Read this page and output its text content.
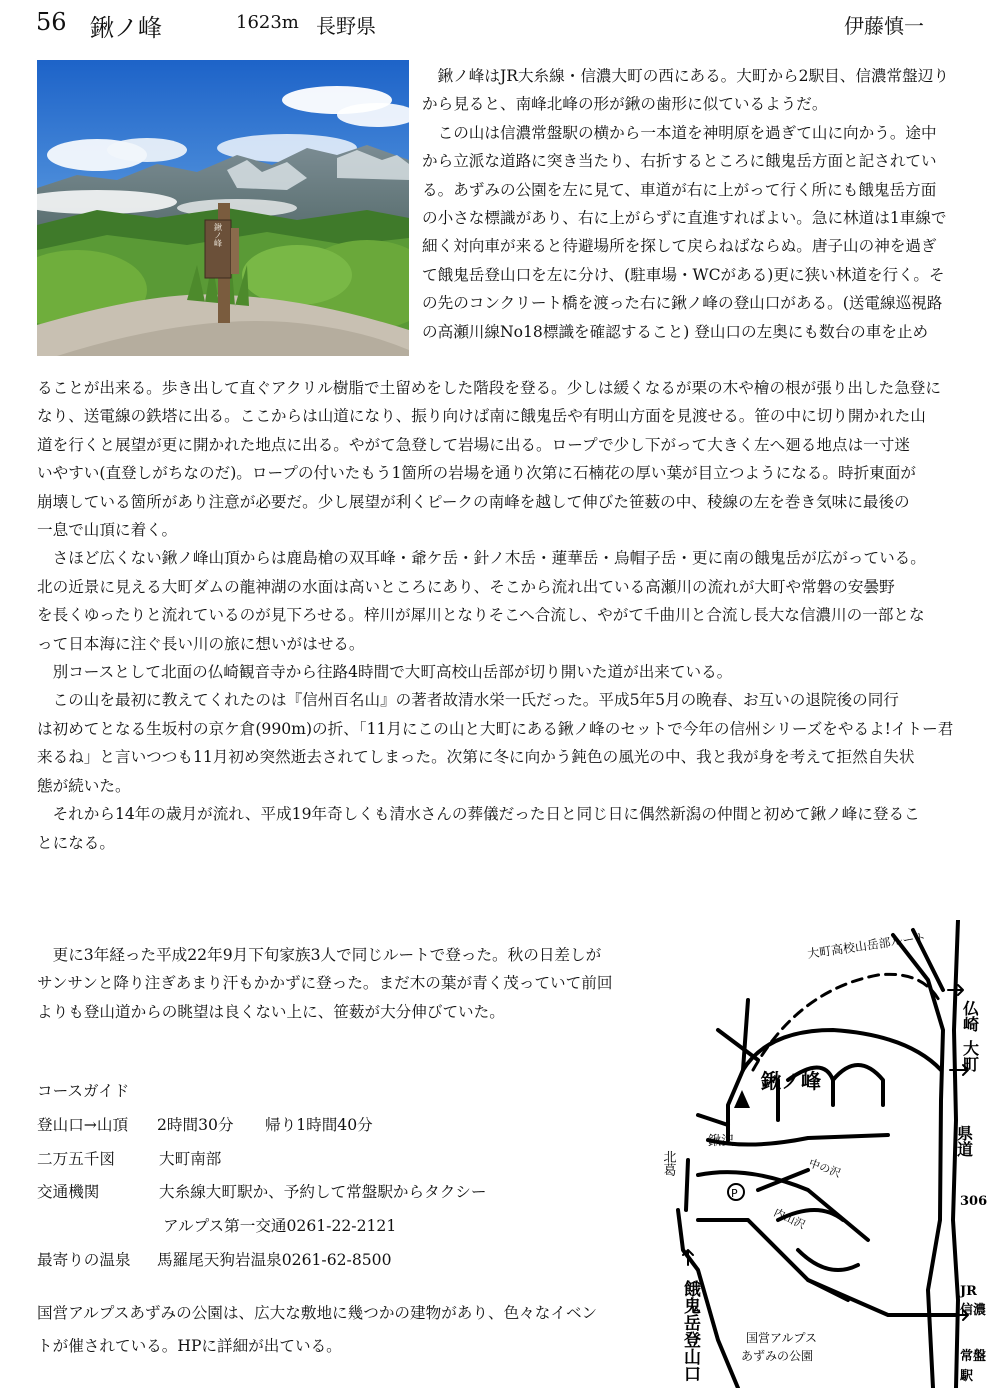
56 鍬ノ峰	1623m 長野県	伊藤慎一
鍬ノ峰

鍬ノ峰はJR大糸線・信濃大町の西にある。大町から2駅目、信濃常盤辺り

から見ると、南峰北峰の形が鍬の歯形に似ているようだ。

この山は信濃常盤駅の横から一本道を神明原を過ぎて山に向かう。途中

から立派な道路に突き当たり、右折するところに餓鬼岳方面と記されてい

る。あずみの公園を左に見て、車道が右に上がって行く所にも餓鬼岳方面

の小さな標識があり、右に上がらずに直進すればよい。急に林道は1車線で

細く対向車が来ると待避場所を探して戻らねばならぬ。唐子山の神を過ぎ

て餓鬼岳登山口を左に分け、(駐車場・WCがある)更に狭い林道を行く。そ

の先のコンクリート橋を渡った右に鍬ノ峰の登山口がある。(送電線巡視路

の高瀬川線No18標識を確認すること) 登山口の左奥にも数台の車を止め

ることが出来る。歩き出して直ぐアクリル樹脂で土留めをした階段を登る。少しは緩くなるが栗の木や檜の根が張り出した急登に

なり、送電線の鉄塔に出る。ここからは山道になり、振り向けば南に餓鬼岳や有明山方面を見渡せる。笹の中に切り開かれた山

道を行くと展望が更に開かれた地点に出る。やがて急登して岩場に出る。ロープで少し下がって大きく左へ廻る地点は一寸迷

いやすい(直登しがちなのだ)。ロープの付いたもう1箇所の岩場を通り次第に石楠花の厚い葉が目立つようになる。時折東面が

崩壊している箇所があり注意が必要だ。少し展望が利くピークの南峰を越して伸びた笹薮の中、稜線の左を巻き気味に最後の

一息で山頂に着く。

さほど広くない鍬ノ峰山頂からは鹿島槍の双耳峰・爺ケ岳・針ノ木岳・蓮華岳・烏帽子岳・更に南の餓鬼岳が広がっている。

北の近景に見える大町ダムの龍神湖の水面は高いところにあり、そこから流れ出ている高瀬川の流れが大町や常磐の安曇野

を長くゆったりと流れているのが見下ろせる。梓川が犀川となりそこへ合流し、やがて千曲川と合流し長大な信濃川の一部とな

って日本海に注ぐ長い川の旅に想いがはせる。

別コースとして北面の仏崎観音寺から往路4時間で大町高校山岳部が切り開いた道が出来ている。

この山を最初に教えてくれたのは『信州百名山』の著者故清水栄一氏だった。平成5年5月の晩春、お互いの退院後の同行

は初めてとなる生坂村の京ケ倉(990m)の折、「11月にこの山と大町にある鍬ノ峰のセットで今年の信州シリーズをやるよ!イトー君

来るね」と言いつつも11月初め突然逝去されてしまった。次第に冬に向かう鈍色の風光の中、我と我が身を考えて拒然自失状

態が続いた。

それから14年の歳月が流れ、平成19年奇しくも清水さんの葬儀だった日と同じ日に偶然新潟の仲間と初めて鍬ノ峰に登るこ

とになる。

更に3年経った平成22年9月下旬家族3人で同じルートで登った。秋の日差しが

サンサンと降り注ぎあまり汗もかかずに登った。まだ木の葉が青く茂っていて前回

よりも登山道からの眺望は良くない上に、笹薮が大分伸びていた。

コースガイド
登山口→山頂 2時間30分 帰り1時間40分
二万五千図	大町南部
交通機関	大糸線大町駅か、予約して常盤駅からタクシー
アルプス第一交通0261-22-2121
最寄りの温泉 馬羅尾天狗岩温泉0261-62-8500

国営アルプスあずみの公園は、広大な敷地に幾つかの建物があり、色々なイベン

トが催されている。HPに詳細が出ている。

大町高校山岳部ルート
P
鍬ノ峰
仏崎
大町
県道
306
鍬沢
中の沢
内山沢
北葛
餓鬼岳登山口	国営アルプス
あずみの公園
JR
信濃
常盤
駅
